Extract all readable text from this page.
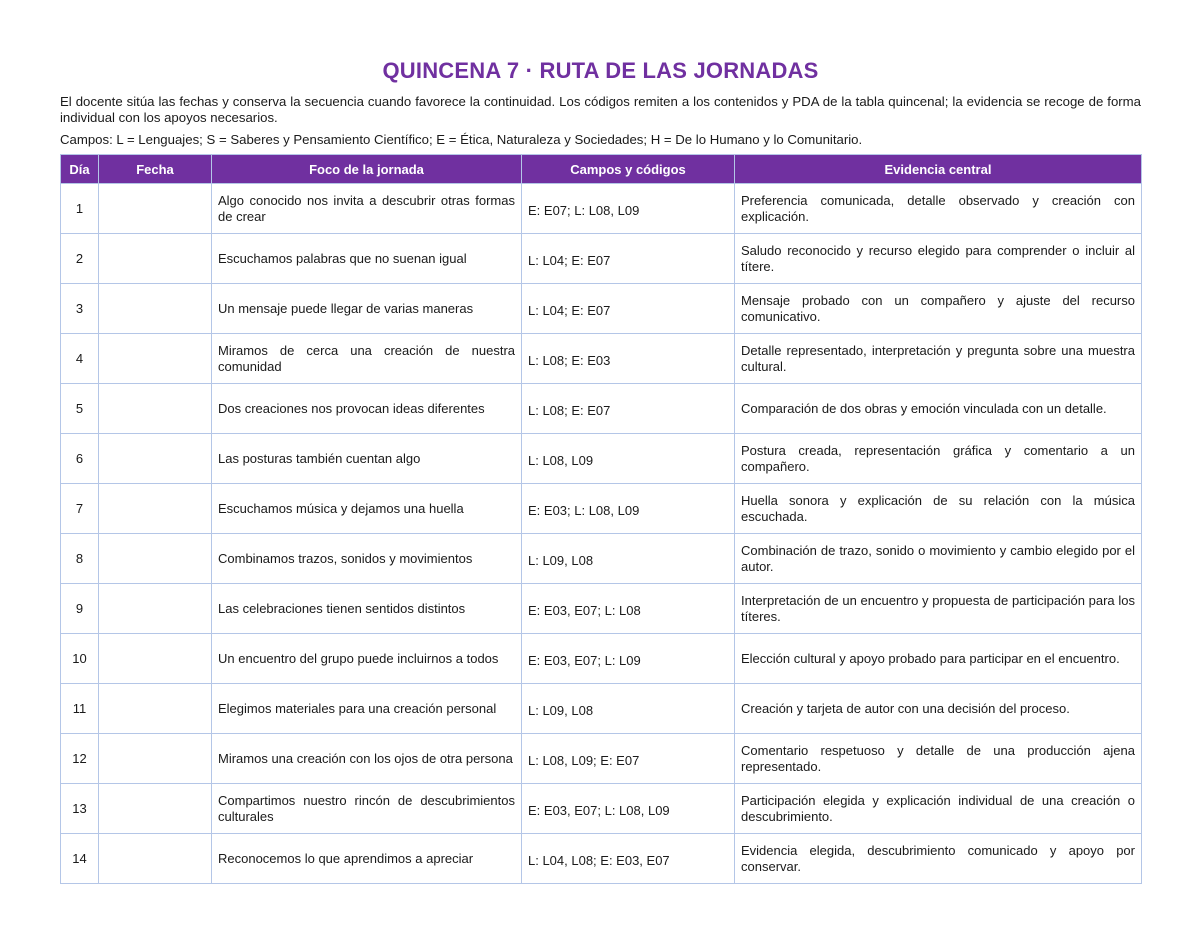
QUINCENA 7 · RUTA DE LAS JORNADAS

El docente sitúa las fechas y conserva la secuencia cuando favorece la continuidad. Los códigos remiten a los contenidos y PDA de la tabla quincenal; la evidencia se recoge de forma individual con los apoyos necesarios.

Campos: L = Lenguajes; S = Saberes y Pensamiento Científico; E = Ética, Naturaleza y Sociedades; H = De lo Humano y lo Comunitario.

Día	Fecha	Foco de la jornada	Campos y códigos	Evidencia central
1		Algo conocido nos invita a descubrir otras formas de crear	E: E07; L: L08, L09	Preferencia comunicada, detalle observado y creación con explicación.
2		Escuchamos palabras que no suenan igual	L: L04; E: E07	Saludo reconocido y recurso elegido para comprender o incluir al títere.
3		Un mensaje puede llegar de varias maneras	L: L04; E: E07	Mensaje probado con un compañero y ajuste del recurso comunicativo.
4		Miramos de cerca una creación de nuestra comunidad	L: L08; E: E03	Detalle representado, interpretación y pregunta sobre una muestra cultural.
5		Dos creaciones nos provocan ideas diferentes	L: L08; E: E07	Comparación de dos obras y emoción vinculada con un detalle.
6		Las posturas también cuentan algo	L: L08, L09	Postura creada, representación gráfica y comentario a un compañero.
7		Escuchamos música y dejamos una huella	E: E03; L: L08, L09	Huella sonora y explicación de su relación con la música escuchada.
8		Combinamos trazos, sonidos y movimientos	L: L09, L08	Combinación de trazo, sonido o movimiento y cambio elegido por el autor.
9		Las celebraciones tienen sentidos distintos	E: E03, E07; L: L08	Interpretación de un encuentro y propuesta de participación para los títeres.
10		Un encuentro del grupo puede incluirnos a todos	E: E03, E07; L: L09	Elección cultural y apoyo probado para participar en el encuentro.
11		Elegimos materiales para una creación personal	L: L09, L08	Creación y tarjeta de autor con una decisión del proceso.
12		Miramos una creación con los ojos de otra persona	L: L08, L09; E: E07	Comentario respetuoso y detalle de una producción ajena representado.
13		Compartimos nuestro rincón de descubrimientos culturales	E: E03, E07; L: L08, L09	Participación elegida y explicación individual de una creación o descubrimiento.
14		Reconocemos lo que aprendimos a apreciar	L: L04, L08; E: E03, E07	Evidencia elegida, descubrimiento comunicado y apoyo por conservar.
